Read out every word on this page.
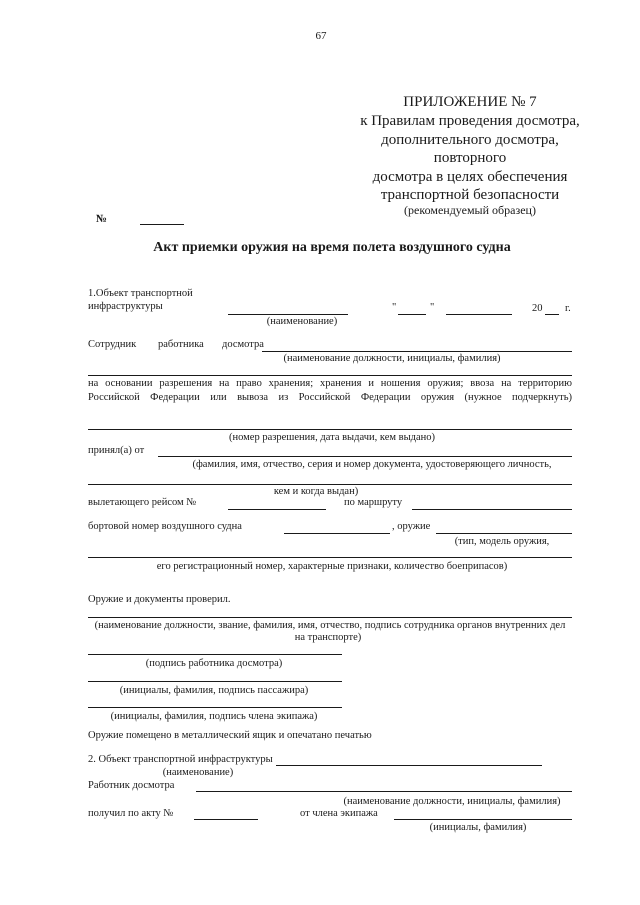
67
ПРИЛОЖЕНИЕ № 7
к Правилам проведения досмотра,
дополнительного досмотра,
повторного
досмотра в целях обеспечения
транспортной безопасности
(рекомендуемый образец)
№
Акт приемки оружия на время полета воздушного судна
1.Объект транспортной
инфраструктуры	"	"	20 г.
(наименование)
Сотрудник работника досмотра
(наименование должности, инициалы, фамилия)
на основании разрешения на право хранения; хранения и ношения оружия; ввоза на территорию
Российской Федерации или вывоза из Российской Федерации оружия (нужное подчеркнуть)
(номер разрешения, дата выдачи, кем выдано)
принял(а) от
(фамилия, имя, отчество, серия и номер документа, удостоверяющего личность,
кем и когда выдан)
вылетающего рейсом №	по маршруту
бортовой номер воздушного судна	, оружие
(тип, модель оружия,
его регистрационный номер, характерные признаки, количество боеприпасов)
Оружие и документы проверил.
(наименование должности, звание, фамилия, имя, отчество, подпись сотрудника органов внутренних дел
на транспорте)
(подпись работника досмотра)
(инициалы, фамилия, подпись пассажира)
(инициалы, фамилия, подпись члена экипажа)
Оружие помещено в металлический ящик и опечатано печатью
2. Объект транспортной инфраструктуры
(наименование)
Работник досмотра
(наименование должности, инициалы, фамилия)
получил по акту №	от члена экипажа
(инициалы, фамилия)
